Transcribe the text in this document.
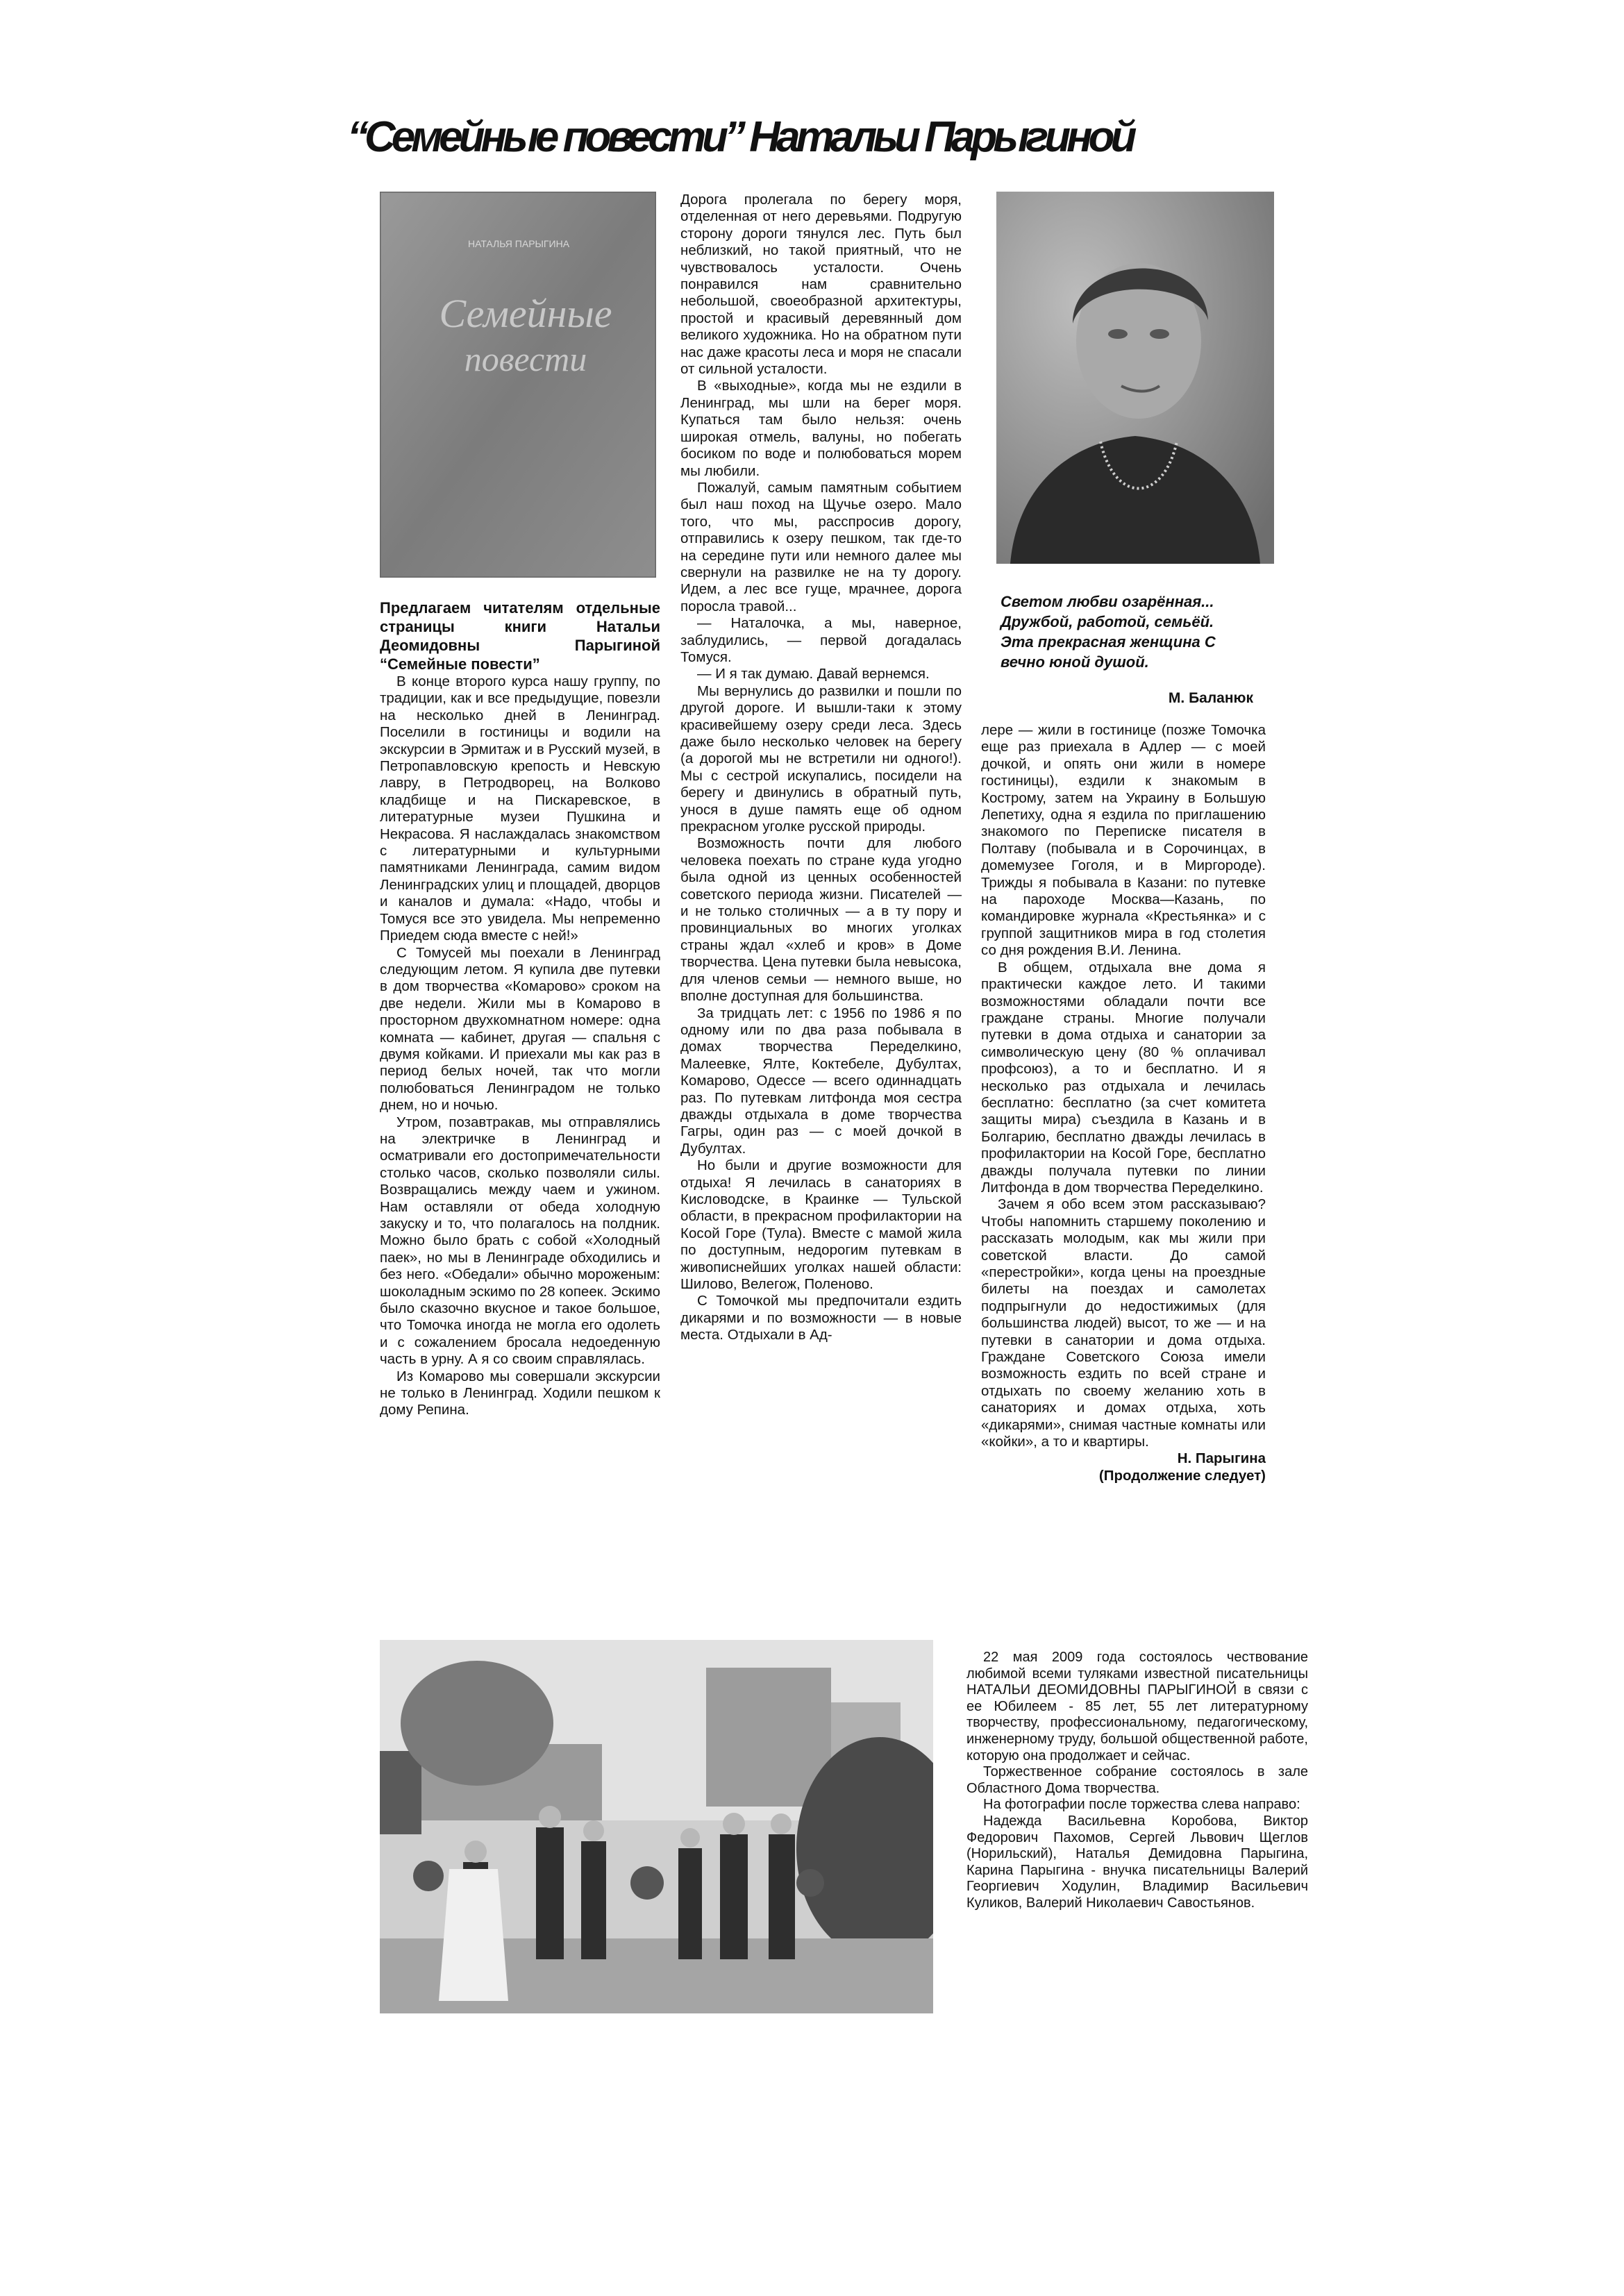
“Семейные повести” Натальи Парыгиной
НАТАЛЬЯ ПАРЫГИНА
Семейные
повести

Предлагаем читателям отдельные страницы книги Натальи Деомидовны Парыгиной “Семейные повести”

В конце второго курса нашу группу, по традиции, как и все предыдущие, повезли на несколько дней в Ленинград. Поселили в гостиницы и водили на экскурсии в Эрмитаж и в Русский музей, в Петропавловскую крепость и Невскую лавру, в Петродворец, на Волково кладбище и на Пискаревское, в литературные музеи Пушкина и Некрасова. Я наслаждалась знакомством с литературными и культурными памятниками Ленинграда, самим видом Ленинградских улиц и площадей, дворцов и каналов и думала: «Надо, чтобы и Томуся все это увидела. Мы непременно Приедем сюда вместе с ней!»

С Томусей мы поехали в Ленинград следующим летом. Я купила две путевки в дом творчества «Комарово» сроком на две недели. Жили мы в Комарово в просторном двухкомнатном номере: одна комната — кабинет, другая — спальня с двумя койками. И приехали мы как раз в период белых ночей, так что могли полюбоваться Ленинградом не только днем, но и ночью.

Утром, позавтракав, мы отправлялись на электричке в Ленинград и осматривали его достопримечательности столько часов, сколько позволяли силы. Возвращались между чаем и ужином. Нам оставляли от обеда холодную закуску и то, что полагалось на полдник. Можно было брать с собой «Холодный паек», но мы в Ленинграде обходились и без него. «Обедали» обычно мороженым: шоколадным эскимо по 28 копеек. Эскимо было сказочно вкусное и такое большое, что Томочка иногда не могла его одолеть и с сожалением бросала недоеденную часть в урну. А я со своим справлялась.

Из Комарово мы совершали экскурсии не только в Ленинград. Ходили пешком к дому Репина.

Дорога пролегала по берегу моря, отделенная от него деревьями. Подругую сторону дороги тянулся лес. Путь был неблизкий, но такой приятный, что не чувствовалось усталости. Очень понравился нам сравнительно небольшой, своеобразной архитектуры, простой и красивый деревянный дом великого художника. Но на обратном пути нас даже красоты леса и моря не спасали от сильной усталости.

В «выходные», когда мы не ездили в Ленинград, мы шли на берег моря. Купаться там было нельзя: очень широкая отмель, валуны, но побегать босиком по воде и полюбоваться морем мы любили.

Пожалуй, самым памятным событием был наш поход на Щучье озеро. Мало того, что мы, расспросив дорогу, отправились к озеру пешком, так где-то на середине пути или немного далее мы свернули на развилке не на ту дорогу. Идем, а лес все гуще, мрачнее, дорога поросла травой...

— Наталочка, а мы, наверное, заблудились, — первой догадалась Томуся.

— И я так думаю. Давай вернемся.

Мы вернулись до развилки и пошли по другой дороге. И вышли-таки к этому красивейшему озеру среди леса. Здесь даже было несколько человек на берегу (а дорогой мы не встретили ни одного!). Мы с сестрой искупались, посидели на берегу и двинулись в обратный путь, унося в душе память еще об одном прекрасном уголке русской природы.

Возможность почти для любого человека поехать по стране куда угодно была одной из ценных особенностей советского периода жизни. Писателей — и не только столичных — а в ту пору и провинциальных во многих уголках страны ждал «хлеб и кров» в Доме творчества. Цена путевки была невысока, для членов семьи — немного выше, но вполне доступная для большинства.

За тридцать лет: с 1956 по 1986 я по одному или по два раза побывала в домах творчества Переделкино, Малеевке, Ялте, Коктебеле, Дубултах, Комарово, Одессе — всего одиннадцать раз. По путевкам литфонда моя сестра дважды отдыхала в доме творчества Гагры, один раз — с моей дочкой в Дубултах.

Но были и другие возможности для отдыха! Я лечилась в санаториях в Кисловодске, в Краинке — Тульской области, в прекрасном профилактории на Косой Горе (Тула). Вместе с мамой жила по доступным, недорогим путевкам в живописнейших уголках нашей области: Шилово, Велегож, Поленово.

С Томочкой мы предпочитали ездить дикарями и по возможности — в новые места. Отдыхали в Ад-

Светом любви озарённая...
Дружбой, работой, семьёй.
Эта прекрасная женщина С
вечно юной душой.
М. Баланюк

лере — жили в гостинице (позже Томочка еще раз приехала в Адлер — с моей дочкой, и опять они жили в номере гостиницы), ездили к знакомым в Кострому, затем на Украину в Большую Лепетиху, одна я ездила по приглашению знакомого по Переписке писателя в Полтаву (побывала и в Сорочинцах, в домемузее Гоголя, и в Миргороде). Трижды я побывала в Казани: по путевке на пароходе Москва—Казань, по командировке журнала «Крестьянка» и с группой защитников мира в год столетия со дня рождения В.И. Ленина.

В общем, отдыхала вне дома я практически каждое лето. И такими возможностями обладали почти все граждане страны. Многие получали путевки в дома отдыха и санатории за символическую цену (80 % оплачивал профсоюз), а то и бесплатно. И я несколько раз отдыхала и лечилась бесплатно: бесплатно (за счет комитета защиты мира) съездила в Казань и в Болгарию, бесплатно дважды лечилась в профилактории на Косой Горе, бесплатно дважды получала путевки по линии Литфонда в дом творчества Переделкино.

Зачем я обо всем этом рассказываю? Чтобы напомнить старшему поколению и рассказать молодым, как мы жили при советской власти. До самой «перестройки», когда цены на проездные билеты на поездах и самолетах подпрыгнули до недостижимых (для большинства людей) высот, то же — и на путевки в санатории и дома отдыха. Граждане Советского Союза имели возможность ездить по всей стране и отдыхать по своему желанию хоть в санаториях и домах отдыха, хоть «дикарями», снимая частные комнаты или «койки», а то и квартиры.

Н. Парыгина

(Продолжение следует)

22 мая 2009 года состоялось чествование любимой всеми туляками известной писательницы НАТАЛЬИ ДЕОМИДОВНЫ ПАРЫГИНОЙ в связи с ее Юбилеем - 85 лет, 55 лет литературному творчеству, профессиональному, педагогическому, инженерному труду, большой общественной работе, которую она продолжает и сейчас.

Торжественное собрание состоялось в зале Областного Дома творчества.

На фотографии после торжества слева направо:

Надежда Васильевна Коробова, Виктор Федорович Пахомов, Сергей Львович Щеглов (Норильский), Наталья Демидовна Парыгина, Карина Парыгина - внучка писательницы Валерий Георгиевич Ходулин, Владимир Васильевич Куликов, Валерий Николаевич Савостьянов.
